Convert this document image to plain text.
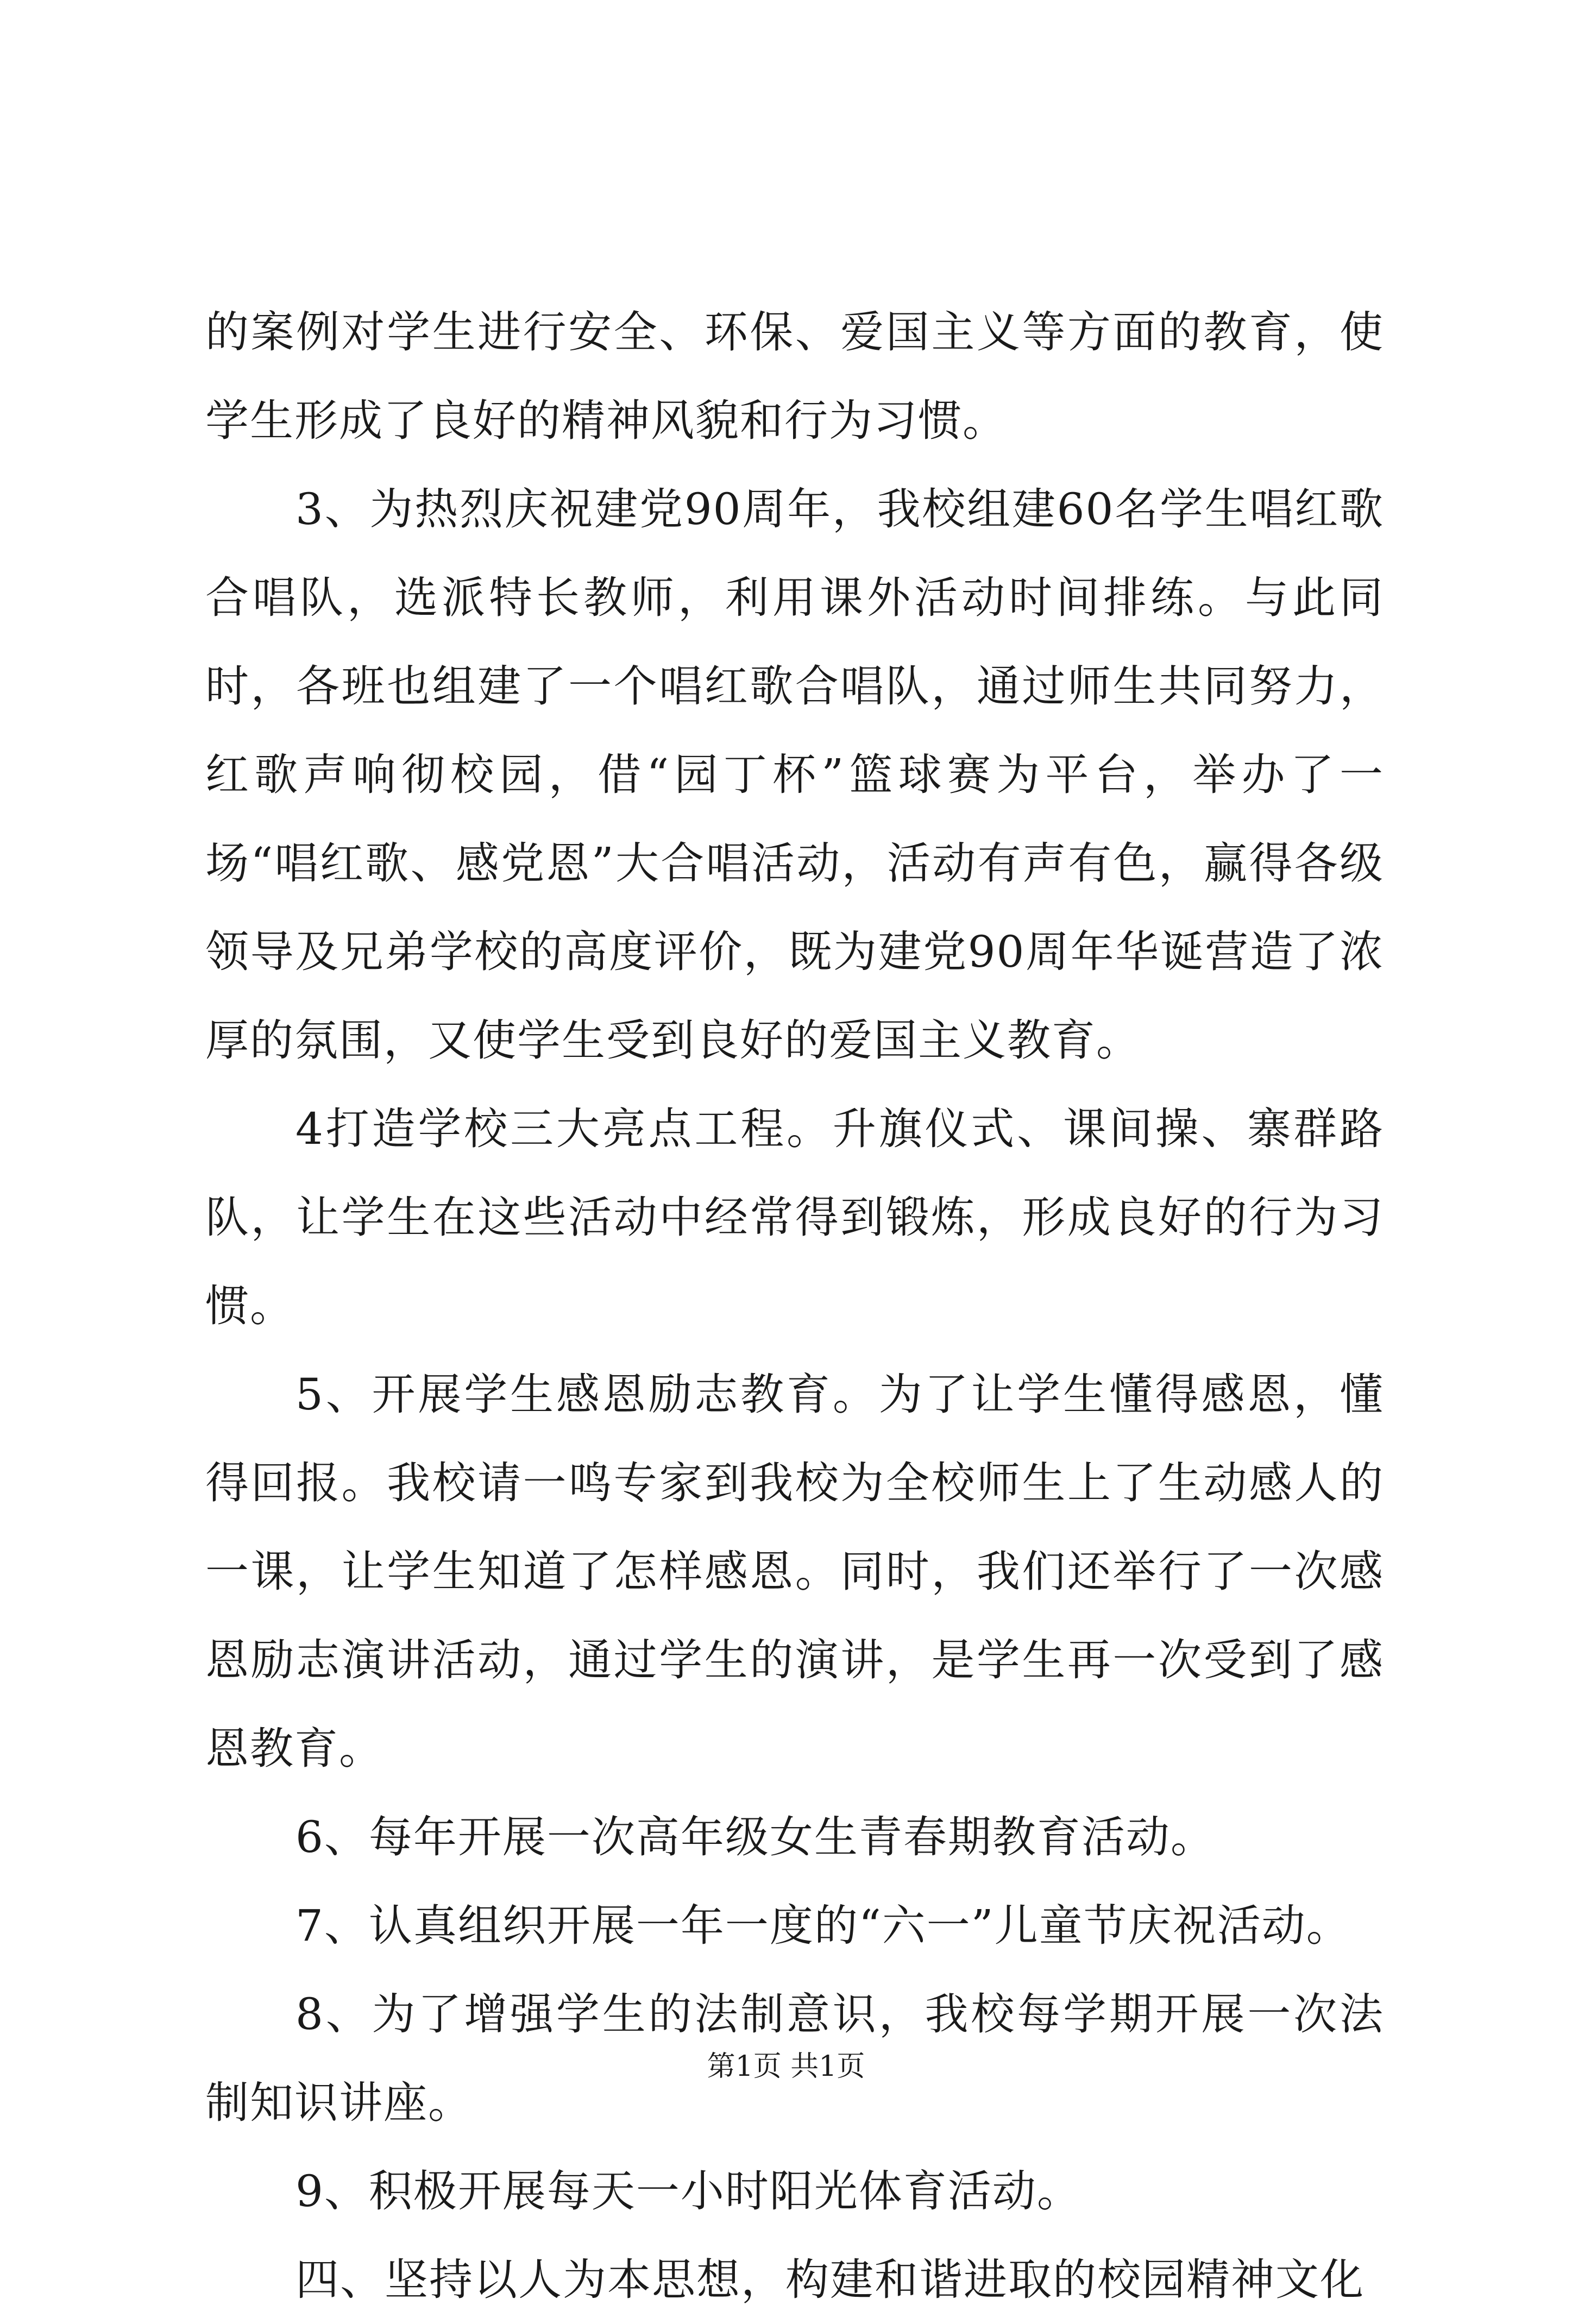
的案例对学生进行安全、环保、爱国主义等方面的教育，使学生形成了良好的精神风貌和行为习惯。

3、为热烈庆祝建党90周年，我校组建60名学生唱红歌合唱队，选派特长教师，利用课外活动时间排练。与此同时，各班也组建了一个唱红歌合唱队，通过师生共同努力，红歌声响彻校园，借“园丁杯”篮球赛为平台，举办了一场“唱红歌、感党恩”大合唱活动，活动有声有色，赢得各级领导及兄弟学校的高度评价，既为建党90周年华诞营造了浓厚的氛围，又使学生受到良好的爱国主义教育。

4打造学校三大亮点工程。升旗仪式、课间操、寨群路队，让学生在这些活动中经常得到锻炼，形成良好的行为习惯。

5、开展学生感恩励志教育。为了让学生懂得感恩，懂得回报。我校请一鸣专家到我校为全校师生上了生动感人的一课，让学生知道了怎样感恩。同时，我们还举行了一次感恩励志演讲活动，通过学生的演讲，是学生再一次受到了感恩教育。

6、每年开展一次高年级女生青春期教育活动。

7、认真组织开展一年一度的“六一”儿童节庆祝活动。

8、为了增强学生的法制意识，我校每学期开展一次法制知识讲座。

9、积极开展每天一小时阳光体育活动。

四、坚持以人为本思想，构建和谐进取的校园精神文化

第1页 共1页
